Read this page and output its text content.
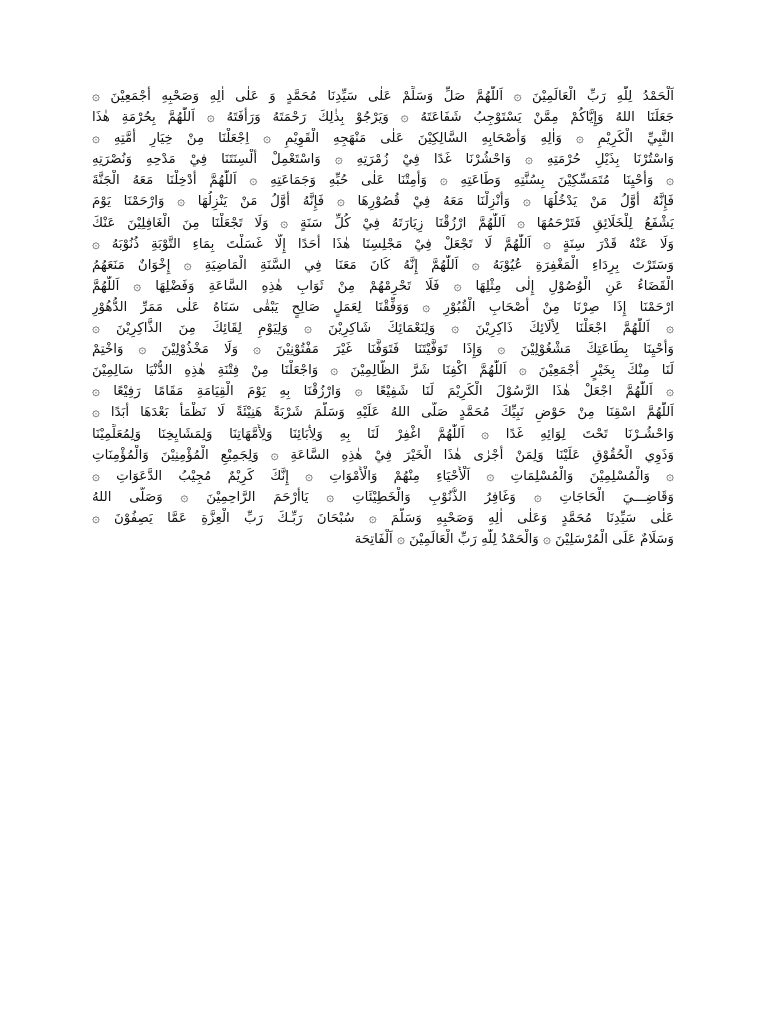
اَلْحَمْدُ لِلّٰهِ رَبِّ الْعَالَمِيْنَ ۞ اَللّٰهُمَّ صَلِّ وَسَلِّمْ عَلٰى سَيِّدِنَا مُحَمَّدٍ وَ عَلٰى اٰلِهِ وَصَحْبِهِ أَجْمَعِيْنَ ۞
جَعَلَنَا اللهُ وَإِيَّاكُمْ مِمَّنْ يَسْتَوْجِبُ شَفَاعَتَهُ ۞ وَيَرْجُوْ بِذٰلِكَ رَحْمَتَهُ وَرَأْفَتَهُ ۞ اَللّٰهُمَّ بِحُرْمَةِ هٰذَا
النَّبِيِّ الْكَرِيْمِ ۞ وَاٰلِهِ وَأَصْحَابِهِ السَّالِكِيْنَ عَلٰى مَنْهَجِهِ الْقَوِيْمِ ۞ اِجْعَلْنَا مِنْ خِيَارِ أُمَّتِهِ ۞
وَاسْتُرْنَا بِذَيْلِ حُرْمَتِهِ ۞ وَاحْشُرْنَا غَدًا فِيْ زُمْرَتِهِ ۞ وَاسْتَعْمِلْ أَلْسِنَتَنَا فِيْ مَدْحِهِ وَنُصْرَتِهِ
۞ وَأَحْيِنَا مُتَمَسِّكِيْنَ بِسُنَّتِهِ وَطَاعَتِهِ ۞ وَأَمِتْنَا عَلٰى حُبِّهِ وَجَمَاعَتِهِ ۞ اَللّٰهُمَّ أَدْخِلْنَا مَعَهُ الْجَنَّةَ
فَإِنَّهُ أَوَّلُ مَنْ يَدْخُلُهَا ۞ وَأَنْزِلْنَا مَعَهُ فِيْ قُصُوْرِهَا ۞ فَإِنَّهُ أَوَّلُ مَنْ يَنْزِلُهَا ۞ وَارْحَمْنَا يَوْمَ
يَشْفَعُ لِلْخَلَائِقِ فَتَرْحَمُهَا ۞ اَللّٰهُمَّ ارْزُقْنَا زِيَارَتَهُ فِيْ كُلِّ سَنَةٍ ۞ وَلَا تَجْعَلْنَا مِنَ الْغَافِلِيْنَ عَنْكَ
وَلَا عَنْهُ قَدْرَ سِنَةٍ ۞ اَللّٰهُمَّ لَا تَجْعَلْ فِيْ مَجْلِسِنَا هٰذَا أَحَدًا إِلَّا غَسَلْتَ بِمَاءِ التَّوْبَةِ ذُنُوْبَهُ ۞
وَسَتَرْتَ بِرِدَاءِ الْمَغْفِرَةِ عُيُوْبَهُ ۞ اَللّٰهُمَّ إِنَّهُ كَانَ مَعَنَا فِي السَّنَةِ الْمَاضِيَةِ ۞ إِخْوَانٌ مَنَعَهُمُ
الْقَضَاءُ عَنِ الْوُصُوْلِ إِلٰى مِثْلِهَا ۞ فَلَا تَحْرِمْهُمْ مِنْ ثَوَابِ هٰذِهِ السَّاعَةِ وَفَضْلِهَا ۞ اَللّٰهُمَّ
ارْحَمْنَا إِذَا صِرْنَا مِنْ أَصْحَابِ الْقُبُوْرِ ۞ وَوَفِّقْنَا لِعَمَلٍ صَالِحٍ يَبْقٰى سَنَاهُ عَلٰى مَمَرِّ الدُّهُوْرِ
۞ اَللّٰهُمَّ اجْعَلْنَا لِأٰلَائِكَ ذَاكِرِيْنَ ۞ وَلِنَعْمَائِكَ شَاكِرِيْنَ ۞ وَلِيَوْمِ لِقَائِكَ مِنَ الذَّاكِرِيْنَ ۞
وَأَحْيِنَا بِطَاعَتِكَ مَشْغُوْلِيْنَ ۞ وَإِذَا تَوَفَّيْتَنَا فَتَوَفَّنَا غَيْرَ مَفْتُوْنِيْنَ ۞ وَلَا مَخْذُوْلِيْنَ ۞ وَاخْتِمْ
لَنَا مِنْكَ بِخَيْرٍ أَجْمَعِيْنَ ۞ اَللّٰهُمَّ اكْفِنَا شَرَّ الظَّالِمِيْنَ ۞ وَاجْعَلْنَا مِنْ فِتْنَةِ هٰذِهِ الدُّنْيَا سَالِمِيْنَ
۞ اَللّٰهُمَّ اجْعَلْ هٰذَا الرَّسُوْلَ الْكَرِيْمَ لَنَا شَفِيْعًا ۞ وَارْزُقْنَا بِهِ يَوْمَ الْقِيَامَةِ مَقَامًا رَفِيْعًا ۞
اَللّٰهُمَّ اسْقِنَا مِنْ حَوْضِ نَبِيِّكَ مُحَمَّدٍ صَلَّى اللهُ عَلَيْهِ وَسَلَّمَ شَرْبَةً هَنِيْئَةً لَا نَظْمَأُ بَعْدَهَا أَبَدًا ۞
وَاحْشُـرْنَا تَحْتَ لِوَائِهِ غَدًا ۞ اَللّٰهُمَّ اغْفِرْ لَنَا بِهِ وَلِأٰبَائِنَا وَلِأُمَّهَاتِنَا وَلِمَشَايِخِنَا وَلِمُعَلِّمِيْنَا
وَذَوِي الْحُقُوْقِ عَلَيْنَا وَلِمَنْ أَجْرٰى هٰذَا الْخَيْرَ فِيْ هٰذِهِ السَّاعَةِ ۞ وَلِجَمِيْعِ الْمُؤْمِنِيْنَ وَالْمُؤْمِنَاتِ
۞ وَالْمُسْلِمِيْنَ وَالْمُسْلِمَاتِ ۞ اَلْأَحْيَاءِ مِنْهُمْ وَالْأَمْوَاتِ ۞ إِنَّكَ كَرِيْمٌ مُجِيْبُ الدَّعَوَاتِ ۞
وَقَاضِـــيَ الْحَاجَاتِ ۞ وَغَافِرُ الذُّنُوْبِ وَالْخَطِيْئَاتِ ۞ يَاأَرْحَمَ الرَّاحِمِيْنَ ۞ وَصَلَّى اللهُ
عَلٰى سَيِّدِنَا مُحَمَّدٍ وَعَلٰى اٰلِهِ وَصَحْبِهِ وَسَلَّمَ ۞ سُبْحَانَ رَبِّـكَ رَبِّ الْعِزَّةِ عَمَّا يَصِفُوْنَ ۞
وَسَلَامٌ عَلَى الْمُرْسَلِيْنَ ۞ وَالْحَمْدُ لِلّٰهِ رَبِّ الْعَالَمِيْنَ ۞ اَلْفَاتِحَة
